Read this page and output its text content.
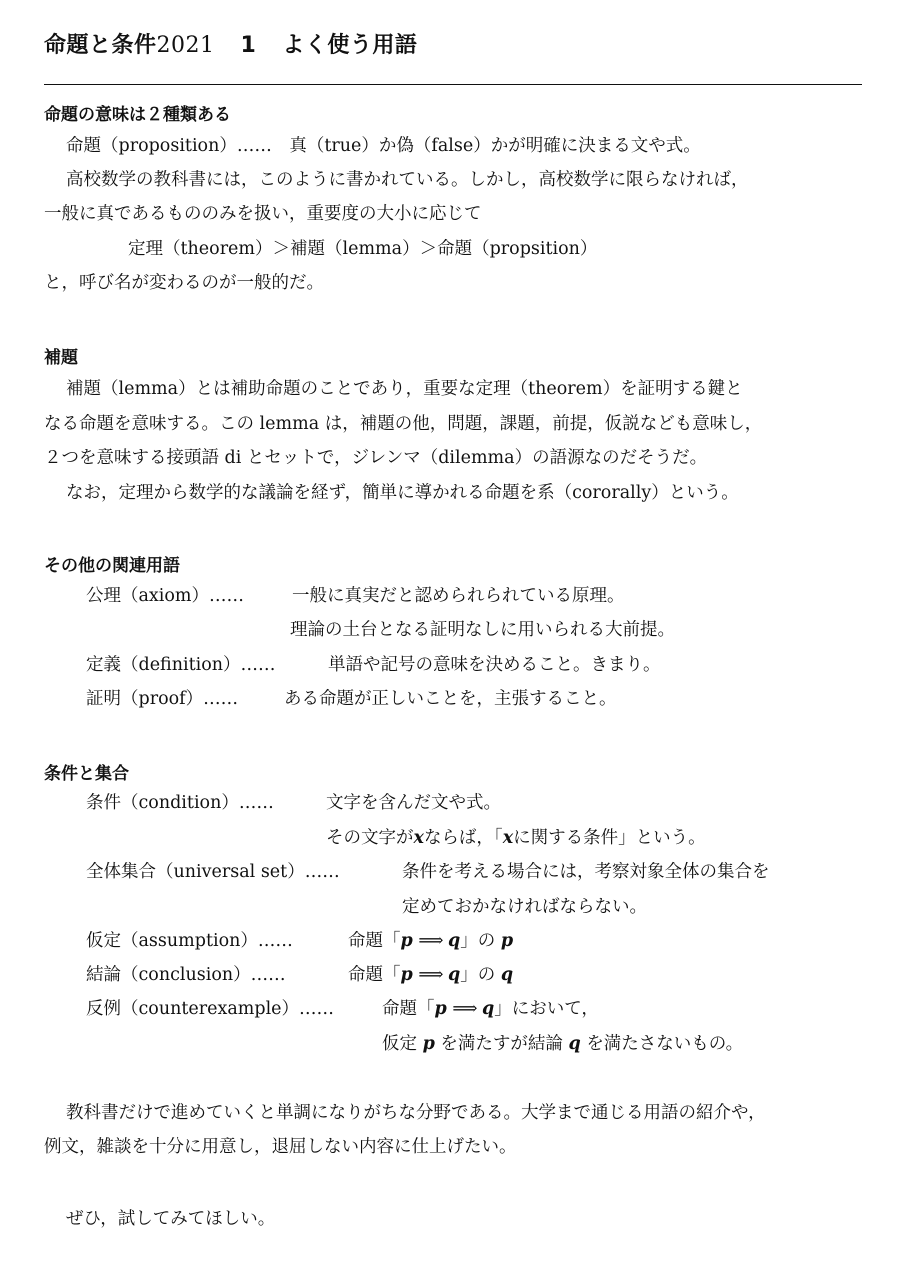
命題と条件2021 1 よく使う用語
命題の意味は２種類ある
命題（proposition）……　真（true）か偽（false）かが明確に決まる文や式。
高校数学の教科書には，このように書かれている。しかし，高校数学に限らなければ，
一般に真であるもののみを扱い，重要度の大小に応じて
定理（theorem）＞補題（lemma）＞命題（propsition）
と，呼び名が変わるのが一般的だ。
補題
補題（lemma）とは補助命題のことであり，重要な定理（theorem）を証明する鍵と
なる命題を意味する。この lemma は，補題の他，問題，課題，前提，仮説なども意味し，
２つを意味する接頭語 di とセットで，ジレンマ（dilemma）の語源なのだそうだ。
なお，定理から数学的な議論を経ず，簡単に導かれる命題を系（cororally）という。
その他の関連用語
公理（axiom）……	一般に真実だと認められられている原理。
理論の土台となる証明なしに用いられる大前提。
定義（definition）……	単語や記号の意味を決めること。きまり。
証明（proof）……	ある命題が正しいことを，主張すること。
条件と集合
条件（condition）……	文字を含んだ文や式。
その文字がxならば，「xに関する条件」という。
全体集合（universal set）……	条件を考える場合には，考察対象全体の集合を
定めておかなければならない。
仮定（assumption）……	命題「p ⟹ q」の p
結論（conclusion）……	命題「p ⟹ q」の q
反例（counterexample）……	命題「p ⟹ q」において，
仮定 p を満たすが結論 q を満たさないもの。
教科書だけで進めていくと単調になりがちな分野である。大学まで通じる用語の紹介や，
例文，雑談を十分に用意し，退屈しない内容に仕上げたい。
ぜひ，試してみてほしい。
